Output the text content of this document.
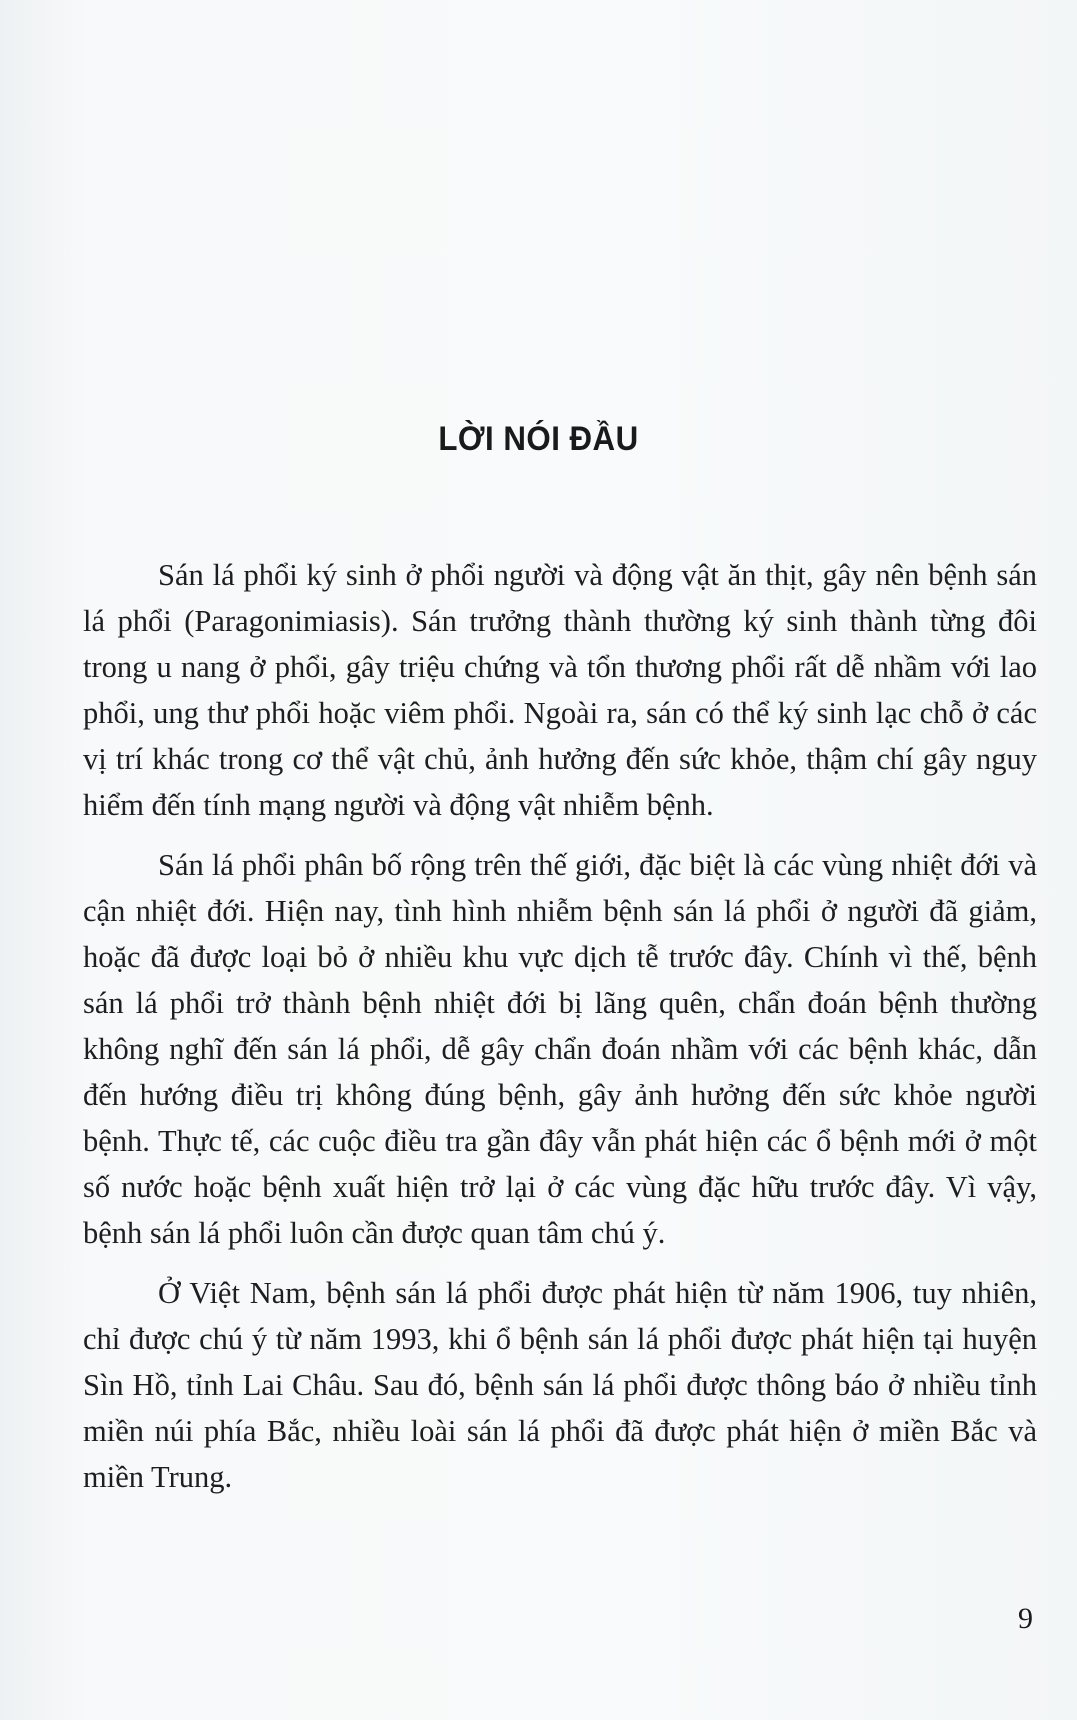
LỜI NÓI ĐẦU

Sán lá phổi ký sinh ở phổi người và động vật ăn thịt, gây nên bệnh sán lá phổi (Paragonimiasis). Sán trưởng thành thường ký sinh thành từng đôi trong u nang ở phổi, gây triệu chứng và tổn thương phổi rất dễ nhầm với lao phổi, ung thư phổi hoặc viêm phổi. Ngoài ra, sán có thể ký sinh lạc chỗ ở các vị trí khác trong cơ thể vật chủ, ảnh hưởng đến sức khỏe, thậm chí gây nguy hiểm đến tính mạng người và động vật nhiễm bệnh.

Sán lá phổi phân bố rộng trên thế giới, đặc biệt là các vùng nhiệt đới và cận nhiệt đới. Hiện nay, tình hình nhiễm bệnh sán lá phổi ở người đã giảm, hoặc đã được loại bỏ ở nhiều khu vực dịch tễ trước đây. Chính vì thế, bệnh sán lá phổi trở thành bệnh nhiệt đới bị lãng quên, chẩn đoán bệnh thường không nghĩ đến sán lá phổi, dễ gây chẩn đoán nhầm với các bệnh khác, dẫn đến hướng điều trị không đúng bệnh, gây ảnh hưởng đến sức khỏe người bệnh. Thực tế, các cuộc điều tra gần đây vẫn phát hiện các ổ bệnh mới ở một số nước hoặc bệnh xuất hiện trở lại ở các vùng đặc hữu trước đây. Vì vậy, bệnh sán lá phổi luôn cần được quan tâm chú ý.

Ở Việt Nam, bệnh sán lá phổi được phát hiện từ năm 1906, tuy nhiên, chỉ được chú ý từ năm 1993, khi ổ bệnh sán lá phổi được phát hiện tại huyện Sìn Hồ, tỉnh Lai Châu. Sau đó, bệnh sán lá phổi được thông báo ở nhiều tỉnh miền núi phía Bắc, nhiều loài sán lá phổi đã được phát hiện ở miền Bắc và miền Trung.

9
